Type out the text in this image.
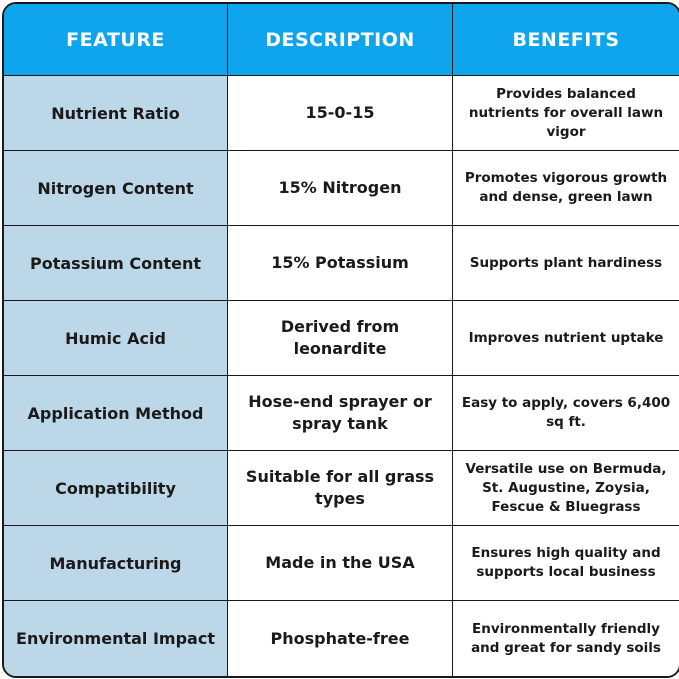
FEATURE	DESCRIPTION	BENEFITS
Nutrient Ratio	15-0-15	Provides balanced nutrients for overall lawn vigor
Nitrogen Content	15% Nitrogen	Promotes vigorous growth and dense, green lawn
Potassium Content	15% Potassium	Supports plant hardiness
Humic Acid	Derived from leonardite	Improves nutrient uptake
Application Method	Hose-end sprayer or spray tank	Easy to apply, covers 6,400 sq ft.
Compatibility	Suitable for all grass types	Versatile use on Bermuda, St. Augustine, Zoysia, Fescue & Bluegrass
Manufacturing	Made in the USA	Ensures high quality and supports local business
Environmental Impact	Phosphate-free	Environmentally friendly and great for sandy soils
